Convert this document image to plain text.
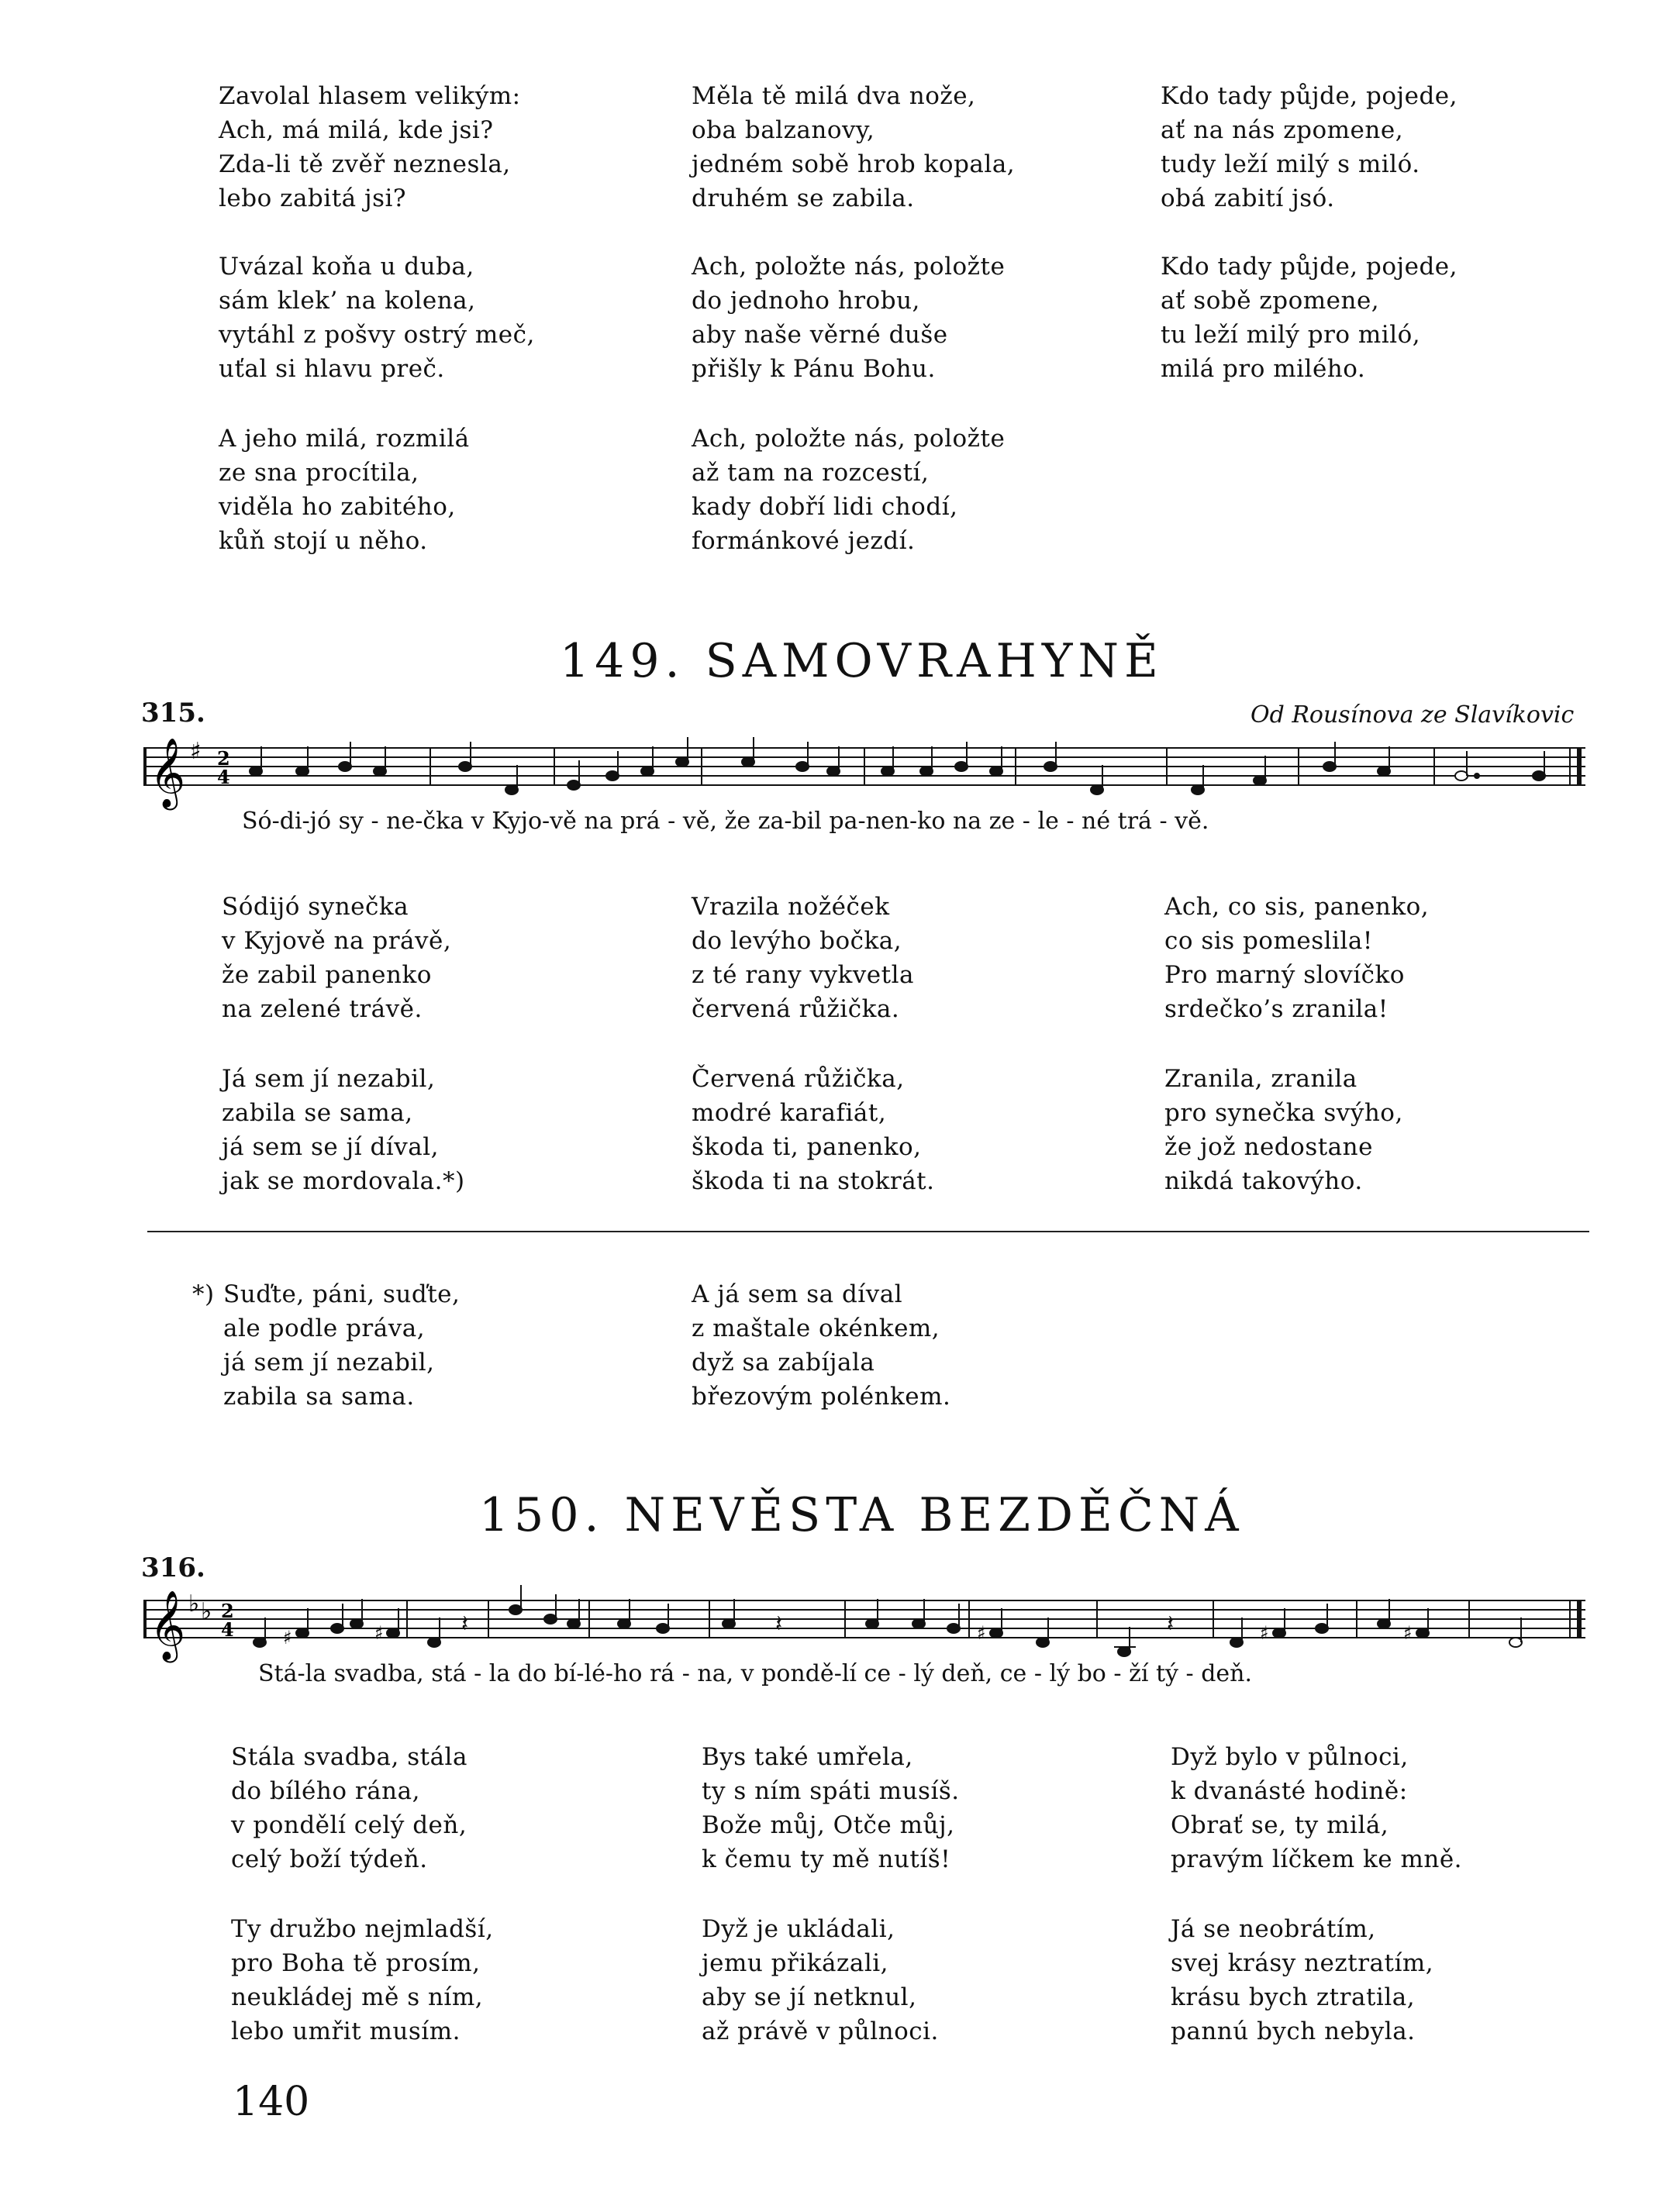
Zavolal hlasem velikým:
Ach, má milá, kde jsi?
Zda-li tě zvěř neznesla,
lebo zabitá jsi?
Uvázal koňa u duba,
sám klek’ na kolena,
vytáhl z pošvy ostrý meč,
uťal si hlavu preč.
A jeho milá, rozmilá
ze sna procítila,
viděla ho zabitého,
kůň stojí u něho.
Měla tě milá dva nože,
oba balzanovy,
jedném sobě hrob kopala,
druhém se zabila.
Ach, položte nás, položte
do jednoho hrobu,
aby naše věrné duše
přišly k Pánu Bohu.
Ach, položte nás, položte
až tam na rozcestí,
kady dobří lidi chodí,
formánkové jezdí.
Kdo tady půjde, pojede,
ať na nás zpomene,
tudy leží milý s miló.
obá zabití jsó.
Kdo tady půjde, pojede,
ať sobě zpomene,
tu leží milý pro miló,
milá pro milého.
149. SAMOVRAHYNĚ
315.	Od Rousínova ze Slavíkovic
𝄞 ♯ 2
4
Só-di-jó sy - ne-čka v Kyjo-vě na prá - vě, že za-bil pa-nen-ko na ze - le - né trá - vě.
Sódijó synečka
v Kyjově na právě,
že zabil panenko
na zelené trávě.
Já sem jí nezabil,
zabila se sama,
já sem se jí díval,
jak se mordovala.*)
Vrazila nožéček
do levýho bočka,
z té rany vykvetla
červená růžička.
Červená růžička,
modré karafiát,
škoda ti, panenko,
škoda ti na stokrát.
Ach, co sis, panenko,
co sis pomeslila!
Pro marný slovíčko
srdečko’s zranila!
Zranila, zranila
pro synečka svýho,
že jož nedostane
nikdá takovýho.
*) Suďte, páni, suďte,
ale podle práva,
já sem jí nezabil,
zabila sa sama.
A já sem sa díval
z maštale okénkem,
dyž sa zabíjala
březovým polénkem.
150. NEVĚSTA BEZDĚČNÁ
316.
𝄞 ♭ ♭ 2
4	♯	♯	𝄽	𝄽	♯	𝄽	♯	♯
Stá-la svadba, stá - la do bí-lé-ho rá - na, v pondě-lí ce - lý deň, ce - lý bo - ží tý - deň.
Stála svadba, stála
do bílého rána,
v pondělí celý deň,
celý boží týdeň.
Ty družbo nejmladší,
pro Boha tě prosím,
neukládej mě s ním,
lebo umřit musím.
Bys také umřela,
ty s ním spáti musíš.
Bože můj, Otče můj,
k čemu ty mě nutíš!
Dyž je ukládali,
jemu přikázali,
aby se jí netknul,
až právě v půlnoci.
Dyž bylo v půlnoci,
k dvanásté hodině:
Obrať se, ty milá,
pravým líčkem ke mně.
Já se neobrátím,
svej krásy neztratím,
krásu bych ztratila,
pannú bych nebyla.
140
